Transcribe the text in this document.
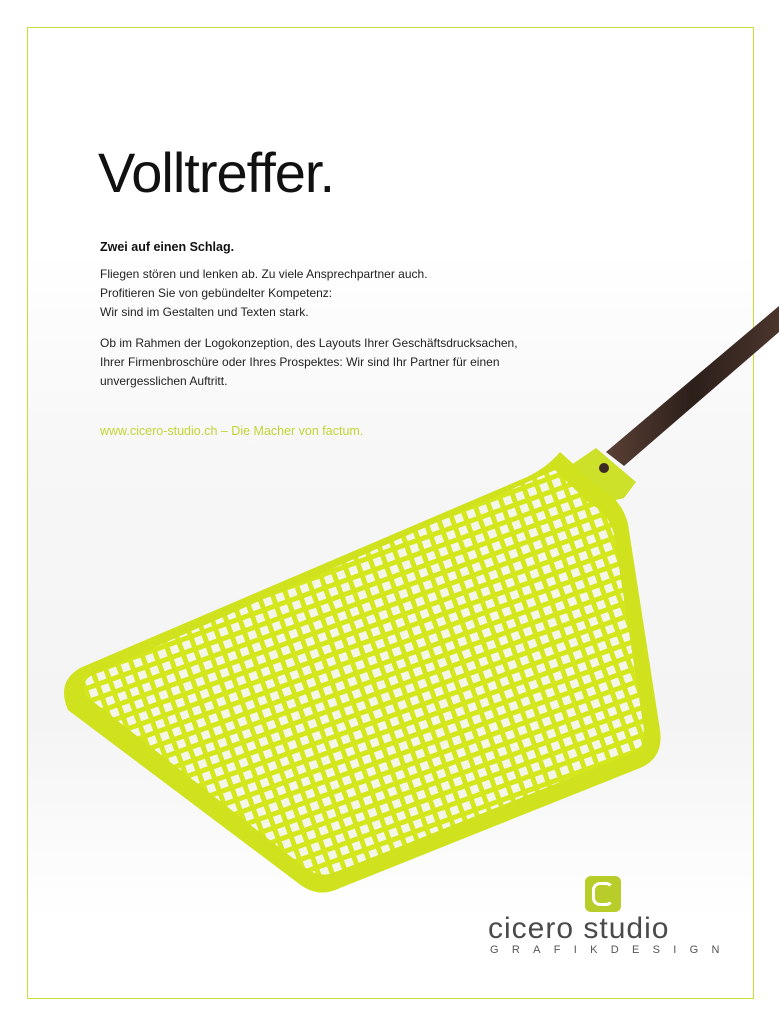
Volltreffer.
Zwei auf einen Schlag.

Fliegen stören und lenken ab. Zu viele Ansprechpartner auch.
Profitieren Sie von gebündelter Kompetenz:
Wir sind im Gestalten und Texten stark.

Ob im Rahmen der Logokonzeption, des Layouts Ihrer Geschäftsdrucksachen,
Ihrer Firmenbroschüre oder Ihres Prospektes: Wir sind Ihr Partner für einen
unvergesslichen Auftritt.

www.cicero-studio.ch – Die Macher von factum.
cicero studio
GRAFIKDESIGN
